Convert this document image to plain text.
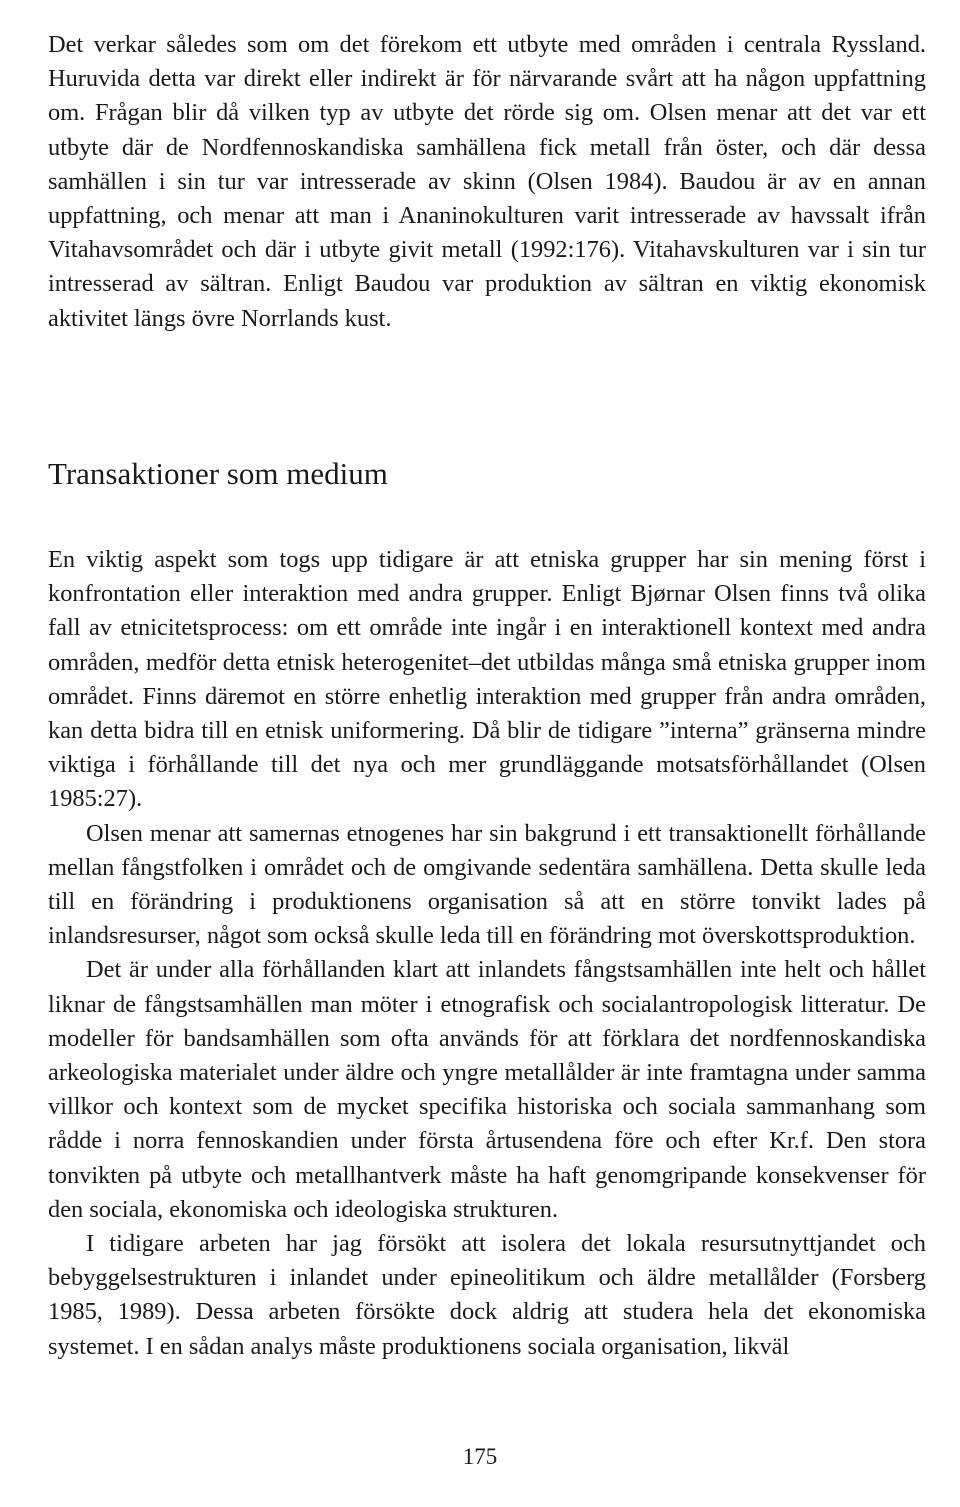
Det verkar således som om det förekom ett utbyte med områden i centrala Ryssland. Huruvida detta var direkt eller indirekt är för närvarande svårt att ha någon uppfattning om. Frågan blir då vilken typ av utbyte det rörde sig om. Olsen menar att det var ett utbyte där de Nordfennoskandiska samhällena fick metall från öster, och där dessa samhällen i sin tur var intresserade av skinn (Olsen 1984). Baudou är av en annan uppfattning, och menar att man i Ananinokulturen varit intresserade av havssalt ifrån Vitahavsområdet och där i utbyte givit metall (1992:176). Vitahavskulturen var i sin tur intresserad av sältran. Enligt Baudou var produktion av sältran en viktig ekonomisk aktivitet längs övre Norrlands kust.

Transaktioner som medium

En viktig aspekt som togs upp tidigare är att etniska grupper har sin mening först i konfrontation eller interaktion med andra grupper. Enligt Bjørnar Olsen finns två olika fall av etnicitetsprocess: om ett område inte ingår i en interaktionell kontext med andra områden, medför detta etnisk heterogenitet–det utbildas många små etniska grupper inom området. Finns däremot en större enhetlig interaktion med grupper från andra områden, kan detta bidra till en etnisk uniformering. Då blir de tidigare ”interna” gränserna mindre viktiga i förhållande till det nya och mer grundläggande motsatsförhållandet (Olsen 1985:27).

Olsen menar att samernas etnogenes har sin bakgrund i ett transaktionellt förhållande mellan fångstfolken i området och de omgivande sedentära samhällena. Detta skulle leda till en förändring i produktionens organisation så att en större tonvikt lades på inlandsresurser, något som också skulle leda till en förändring mot överskottsproduktion.

Det är under alla förhållanden klart att inlandets fångstsamhällen inte helt och hållet liknar de fångstsamhällen man möter i etnografisk och socialantropologisk litteratur. De modeller för bandsamhällen som ofta används för att förklara det nordfennoskandiska arkeologiska materialet under äldre och yngre metallålder är inte framtagna under samma villkor och kontext som de mycket specifika historiska och sociala sammanhang som rådde i norra fennoskandien under första årtusendena före och efter Kr.f. Den stora tonvikten på utbyte och metallhantverk måste ha haft genomgripande konsekvenser för den sociala, ekonomiska och ideologiska strukturen.

I tidigare arbeten har jag försökt att isolera det lokala resursutnyttjandet och bebyggelsestrukturen i inlandet under epineolitikum och äldre metallålder (Forsberg 1985, 1989). Dessa arbeten försökte dock aldrig att studera hela det ekonomiska systemet. I en sådan analys måste produktionens sociala organisation, likväl

175
